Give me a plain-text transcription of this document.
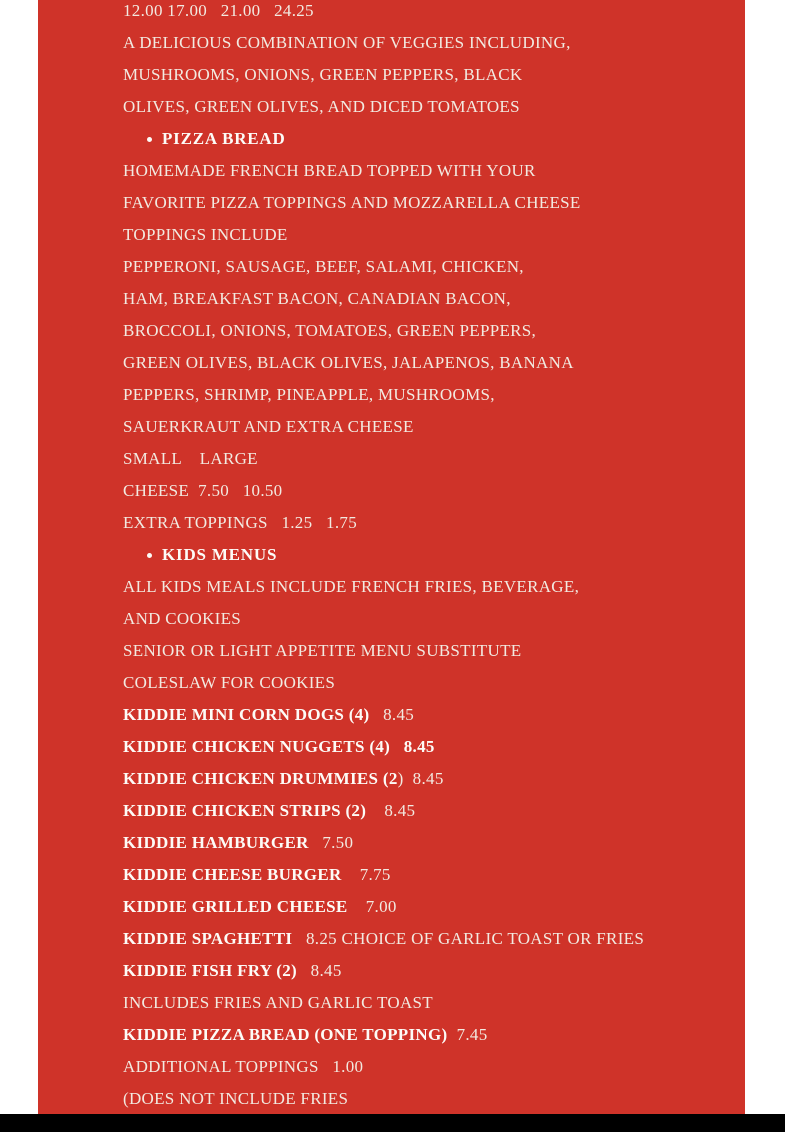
12.00 17.00   21.00   24.25
A DELICIOUS COMBINATION OF VEGGIES INCLUDING,
MUSHROOMS, ONIONS, GREEN PEPPERS, BLACK
OLIVES, GREEN OLIVES, AND DICED TOMATOES
PIZZA BREAD
HOMEMADE FRENCH BREAD TOPPED WITH YOUR
FAVORITE PIZZA TOPPINGS AND MOZZARELLA CHEESE
TOPPINGS INCLUDE
PEPPERONI, SAUSAGE, BEEF, SALAMI, CHICKEN,
HAM, BREAKFAST BACON, CANADIAN BACON,
BROCCOLI, ONIONS, TOMATOES, GREEN PEPPERS,
GREEN OLIVES, BLACK OLIVES, JALAPENOS, BANANA
PEPPERS, SHRIMP, PINEAPPLE, MUSHROOMS,
SAUERKRAUT AND EXTRA CHEESE
SMALL    LARGE
CHEESE  7.50   10.50
EXTRA TOPPINGS   1.25   1.75
KIDS MENUS
ALL KIDS MEALS INCLUDE FRENCH FRIES, BEVERAGE,
AND COOKIES
SENIOR OR LIGHT APPETITE MENU SUBSTITUTE
COLESLAW FOR COOKIES
KIDDIE MINI CORN DOGS (4)   8.45
KIDDIE CHICKEN NUGGETS (4)   8.45
KIDDIE CHICKEN DRUMMIES (2)  8.45
KIDDIE CHICKEN STRIPS (2)    8.45
KIDDIE HAMBURGER   7.50
KIDDIE CHEESE BURGER    7.75
KIDDIE GRILLED CHEESE    7.00
KIDDIE SPAGHETTI   8.25 CHOICE OF GARLIC TOAST OR FRIES
KIDDIE FISH FRY (2)   8.45
INCLUDES FRIES AND GARLIC TOAST
KIDDIE PIZZA BREAD (ONE TOPPING)  7.45
ADDITIONAL TOPPINGS   1.00
(DOES NOT INCLUDE FRIES
